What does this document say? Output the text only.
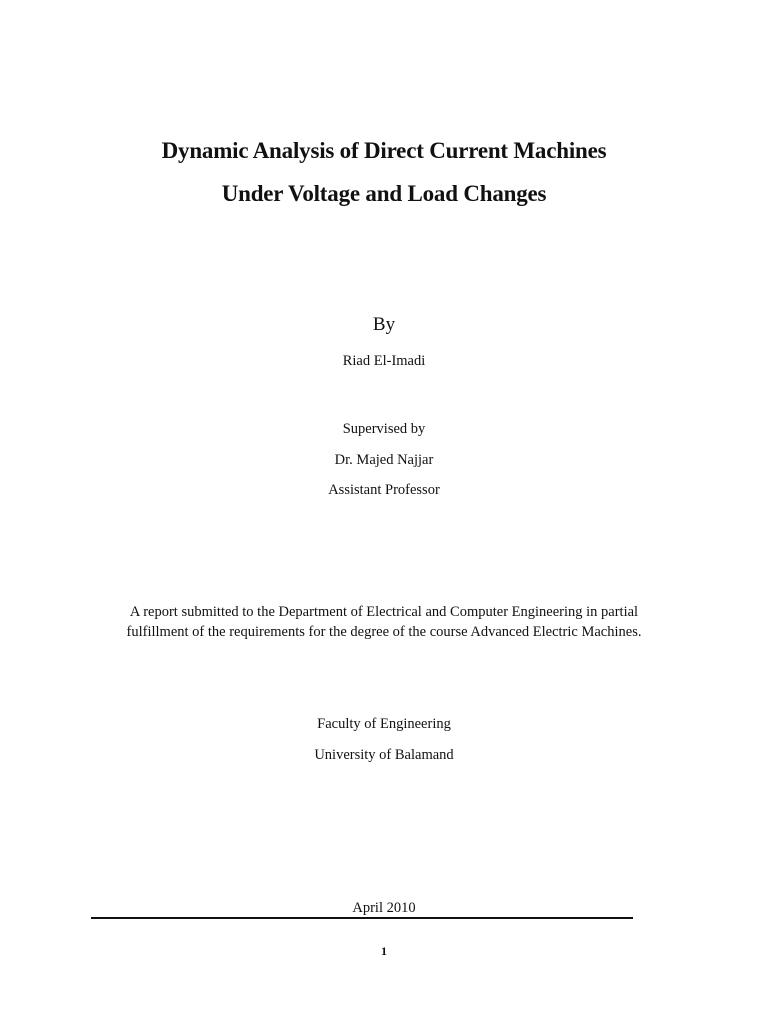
Dynamic Analysis of Direct Current Machines
Under Voltage and Load Changes
By
Riad El-Imadi
Supervised by
Dr. Majed Najjar
Assistant Professor
A report submitted to the Department of Electrical and Computer Engineering in partial
fulfillment of the requirements for the degree of the course Advanced Electric Machines.
Faculty of Engineering
University of Balamand
April 2010
1
